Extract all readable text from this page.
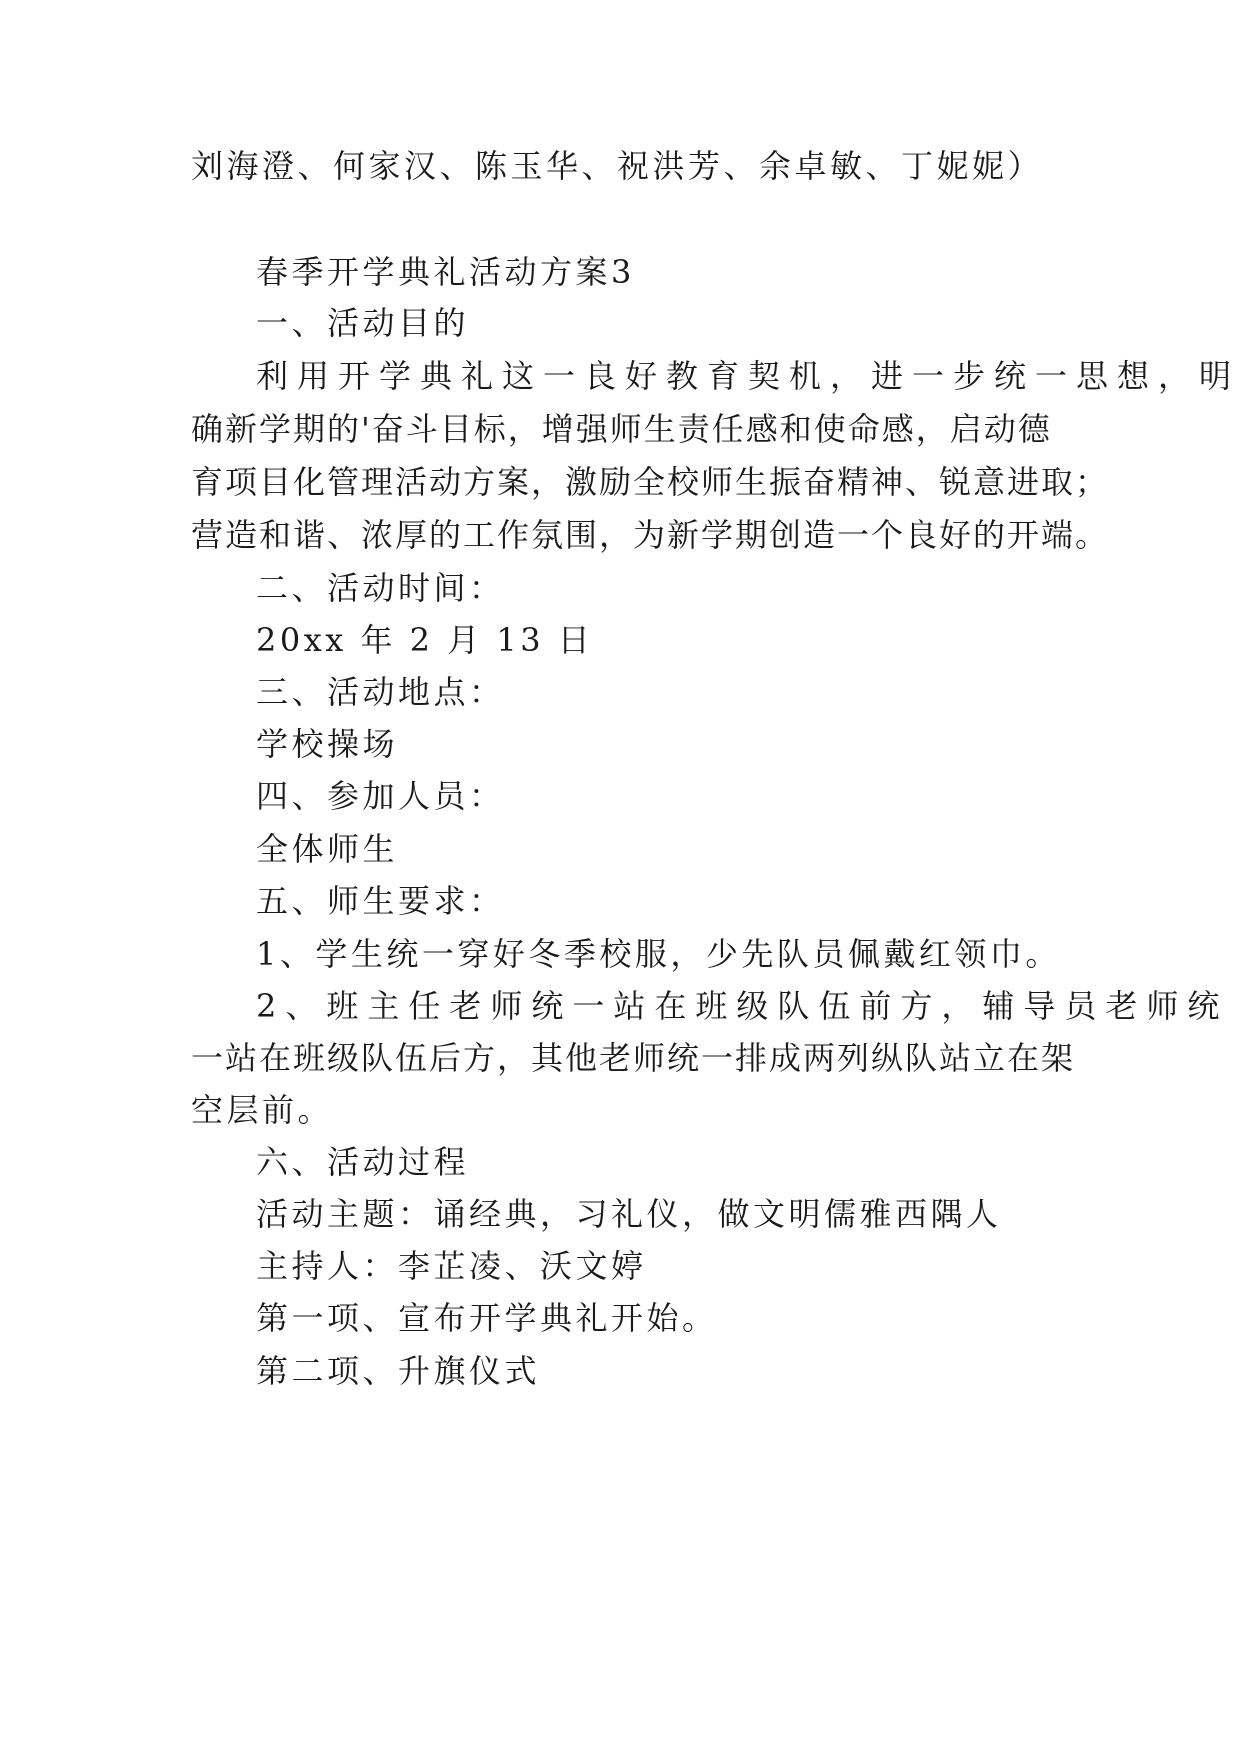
刘海澄、何家汉、陈玉华、祝洪芳、余卓敏、丁妮妮）
春季开学典礼活动方案3
一、活动目的
利用开学典礼这一良好教育契机，进一步统一思想，明
确新学期的'奋斗目标，增强师生责任感和使命感，启动德
育项目化管理活动方案，激励全校师生振奋精神、锐意进取；
营造和谐、浓厚的工作氛围，为新学期创造一个良好的开端。
二、活动时间：
20xx 年 2 月 13 日
三、活动地点：
学校操场
四、参加人员：
全体师生
五、师生要求：
1、学生统一穿好冬季校服，少先队员佩戴红领巾。
2、班主任老师统一站在班级队伍前方，辅导员老师统
一站在班级队伍后方，其他老师统一排成两列纵队站立在架
空层前。
六、活动过程
活动主题：诵经典，习礼仪，做文明儒雅西隅人
主持人：李芷凌、沃文婷
第一项、宣布开学典礼开始。
第二项、升旗仪式
